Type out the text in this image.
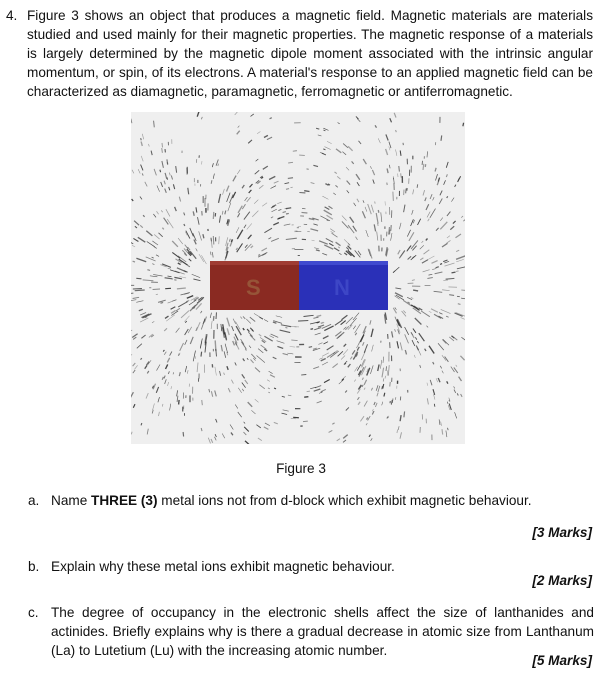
4. Figure 3 shows an object that produces a magnetic field. Magnetic materials are materials studied and used mainly for their magnetic properties. The magnetic response of a materials is largely determined by the magnetic dipole moment associated with the intrinsic angular momentum, or spin, of its electrons. A material's response to an applied magnetic field can be characterized as diamagnetic, paramagnetic, ferromagnetic or antiferromagnetic.

S	N
Figure 3
a. Name THREE (3) metal ions not from d-block which exhibit magnetic behaviour.
[3 Marks]
b. Explain why these metal ions exhibit magnetic behaviour.
[2 Marks]
c. The degree of occupancy in the electronic shells affect the size of lanthanides and actinides. Briefly explains why is there a gradual decrease in atomic size from Lanthanum (La) to Lutetium (Lu) with the increasing atomic number.
[5 Marks]
